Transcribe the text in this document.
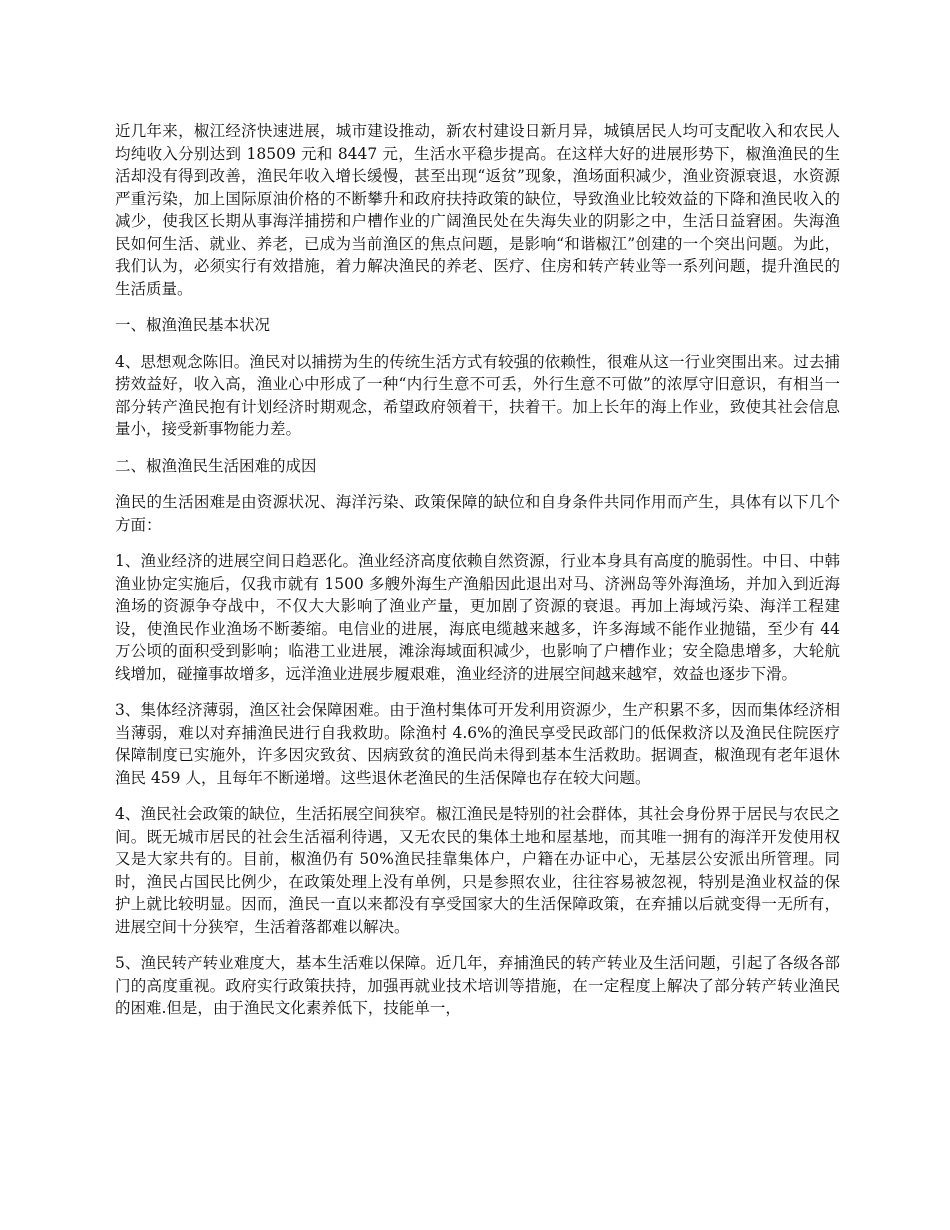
近几年来，椒江经济快速进展，城市建设推动，新农村建设日新月异，城镇居民人均可支配收入和农民人均纯收入分别达到 18509 元和 8447 元，生活水平稳步提高。在这样大好的进展形势下，椒渔渔民的生活却没有得到改善，渔民年收入增长缓慢，甚至出现“返贫”现象，渔场面积减少，渔业资源衰退，水资源严重污染，加上国际原油价格的不断攀升和政府扶持政策的缺位，导致渔业比较效益的下降和渔民收入的减少，使我区长期从事海洋捕捞和户槽作业的广阔渔民处在失海失业的阴影之中，生活日益窘困。失海渔民如何生活、就业、养老，已成为当前渔区的焦点问题，是影响“和谐椒江”创建的一个突出问题。为此，我们认为，必须实行有效措施，着力解决渔民的养老、医疗、住房和转产转业等一系列问题，提升渔民的生活质量。

一、椒渔渔民基本状况

4、思想观念陈旧。渔民对以捕捞为生的传统生活方式有较强的依赖性，很难从这一行业突围出来。过去捕捞效益好，收入高，渔业心中形成了一种“内行生意不可丢，外行生意不可做”的浓厚守旧意识，有相当一部分转产渔民抱有计划经济时期观念，希望政府领着干，扶着干。加上长年的海上作业，致使其社会信息量小，接受新事物能力差。

二、椒渔渔民生活困难的成因

渔民的生活困难是由资源状况、海洋污染、政策保障的缺位和自身条件共同作用而产生，具体有以下几个方面：

1、渔业经济的进展空间日趋恶化。渔业经济高度依赖自然资源，行业本身具有高度的脆弱性。中日、中韩渔业协定实施后，仅我市就有 1500 多艘外海生产渔船因此退出对马、济洲岛等外海渔场，并加入到近海渔场的资源争夺战中，不仅大大影响了渔业产量，更加剧了资源的衰退。再加上海域污染、海洋工程建设，使渔民作业渔场不断萎缩。电信业的进展，海底电缆越来越多，许多海域不能作业抛锚，至少有 44 万公顷的面积受到影响；临港工业进展，滩涂海域面积减少，也影响了户槽作业；安全隐患增多，大轮航线增加，碰撞事故增多，远洋渔业进展步履艰难，渔业经济的进展空间越来越窄，效益也逐步下滑。

3、集体经济薄弱，渔区社会保障困难。由于渔村集体可开发利用资源少，生产积累不多，因而集体经济相当薄弱，难以对弃捕渔民进行自我救助。除渔村 4.6%的渔民享受民政部门的低保救济以及渔民住院医疗保障制度已实施外，许多因灾致贫、因病致贫的渔民尚未得到基本生活救助。据调查，椒渔现有老年退休渔民 459 人，且每年不断递增。这些退休老渔民的生活保障也存在较大问题。

4、渔民社会政策的缺位，生活拓展空间狭窄。椒江渔民是特别的社会群体，其社会身份界于居民与农民之间。既无城市居民的社会生活福利待遇，又无农民的集体土地和屋基地，而其唯一拥有的海洋开发使用权又是大家共有的。目前，椒渔仍有 50%渔民挂靠集体户，户籍在办证中心，无基层公安派出所管理。同时，渔民占国民比例少，在政策处理上没有单例，只是参照农业，往往容易被忽视，特别是渔业权益的保护上就比较明显。因而，渔民一直以来都没有享受国家大的生活保障政策，在弃捕以后就变得一无所有，进展空间十分狭窄，生活着落都难以解决。

5、渔民转产转业难度大，基本生活难以保障。近几年，弃捕渔民的转产转业及生活问题，引起了各级各部门的高度重视。政府实行政策扶持，加强再就业技术培训等措施，在一定程度上解决了部分转产转业渔民的困难.但是，由于渔民文化素养低下，技能单一，
